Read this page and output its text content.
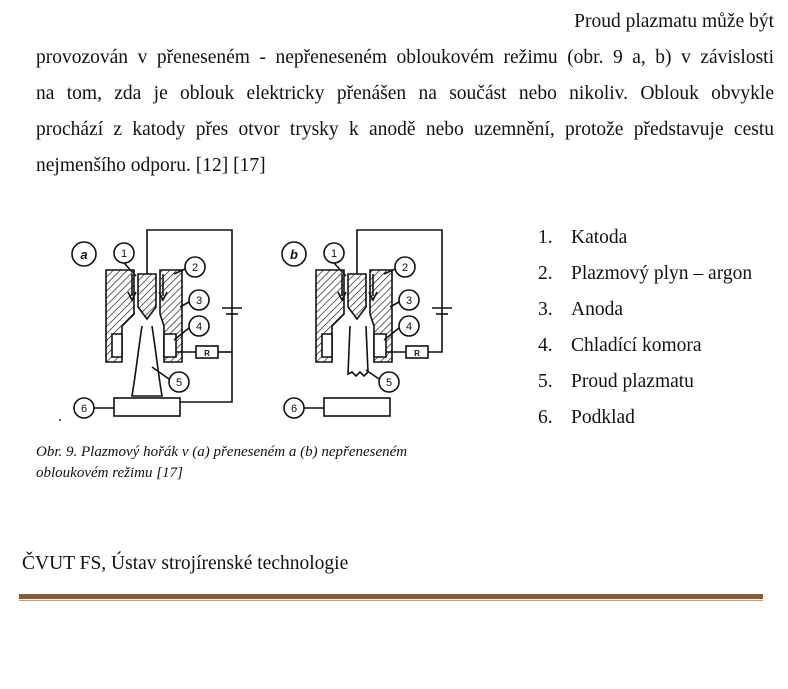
Proud plazmatu může být
provozován v přeneseném - nepřeneseném obloukovém režimu (obr. 9 a, b) v závislosti
na tom, zda je oblouk elektricky přenášen na součást nebo nikoliv. Oblouk obvykle
prochází z katody přes otvor trysky k anodě nebo uzemnění, protože představuje cestu
nejmenšího odporu. [12] [17]
a	b
1
2
3
4
5
6
1
2
3
4
5
6
R	R
.
1. Katoda
2. Plazmový plyn – argon
3. Anoda
4. Chladící komora
5. Proud plazmatu
6. Podklad
Obr. 9. Plazmový hořák v (a) přeneseném a (b) nepřeneseném
obloukovém režimu [17]
ČVUT FS, Ústav strojírenské technologie
